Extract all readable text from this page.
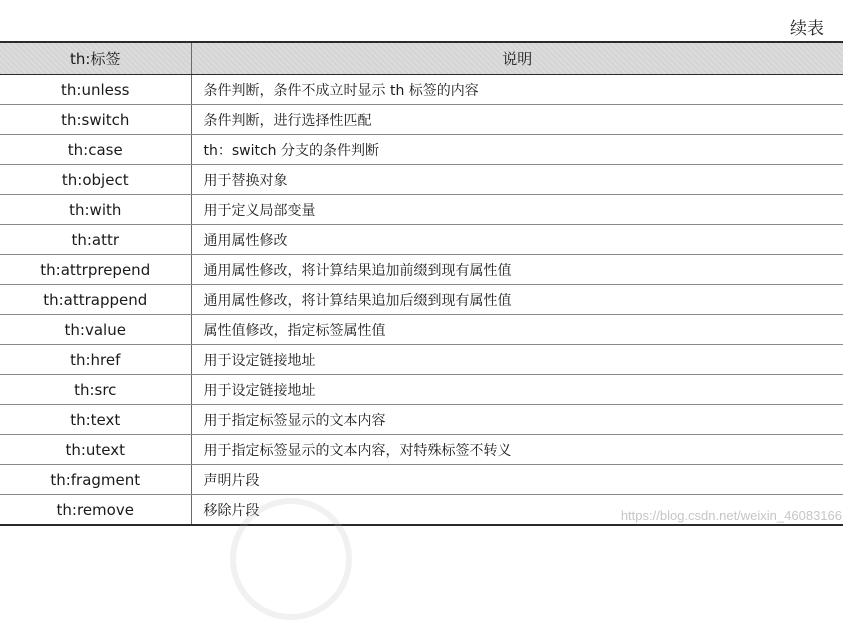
续表
th:标签	说明
th:unless	条件判断，条件不成立时显示 th 标签的内容
th:switch	条件判断，进行选择性匹配
th:case	th：switch 分支的条件判断
th:object	用于替换对象
th:with	用于定义局部变量
th:attr	通用属性修改
th:attrprepend	通用属性修改，将计算结果追加前缀到现有属性值
th:attrappend	通用属性修改，将计算结果追加后缀到现有属性值
th:value	属性值修改，指定标签属性值
th:href	用于设定链接地址
th:src	用于设定链接地址
th:text	用于指定标签显示的文本内容
th:utext	用于指定标签显示的文本内容，对特殊标签不转义
th:fragment	声明片段
th:remove	移除片段	https://blog.csdn.net/weixin_46083166
